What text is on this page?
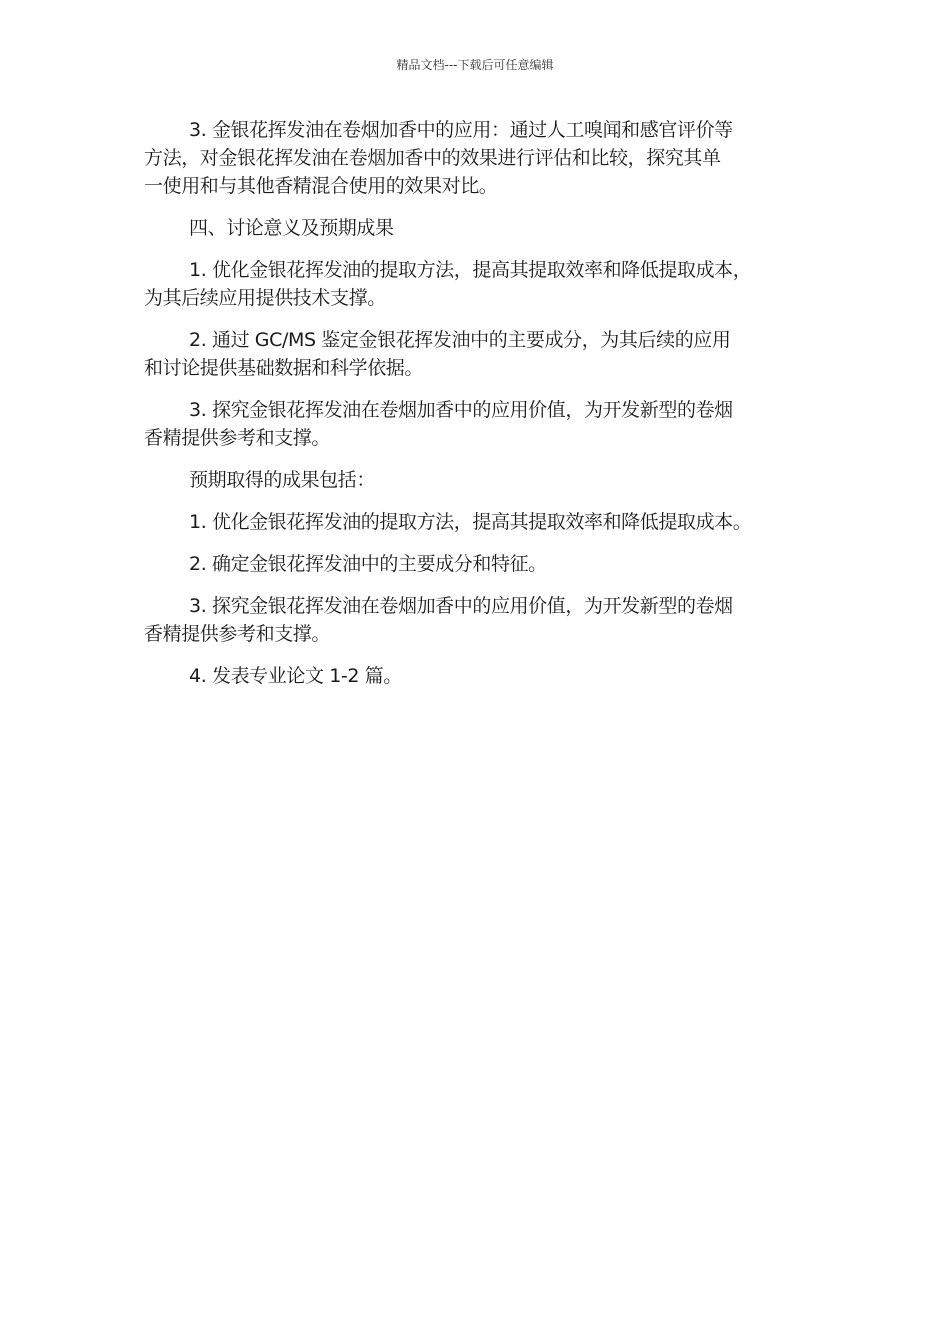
精品文档---下载后可任意编辑

3. 金银花挥发油在卷烟加香中的应用：通过人工嗅闻和感官评价等
方法，对金银花挥发油在卷烟加香中的效果进行评估和比较，探究其单
一使用和与其他香精混合使用的效果对比。

四、讨论意义及预期成果

1. 优化金银花挥发油的提取方法，提高其提取效率和降低提取成本，
为其后续应用提供技术支撑。

2. 通过 GC/MS 鉴定金银花挥发油中的主要成分，为其后续的应用
和讨论提供基础数据和科学依据。

3. 探究金银花挥发油在卷烟加香中的应用价值，为开发新型的卷烟
香精提供参考和支撑。

预期取得的成果包括：

1. 优化金银花挥发油的提取方法，提高其提取效率和降低提取成本。

2. 确定金银花挥发油中的主要成分和特征。

3. 探究金银花挥发油在卷烟加香中的应用价值，为开发新型的卷烟
香精提供参考和支撑。

4. 发表专业论文 1-2 篇。
